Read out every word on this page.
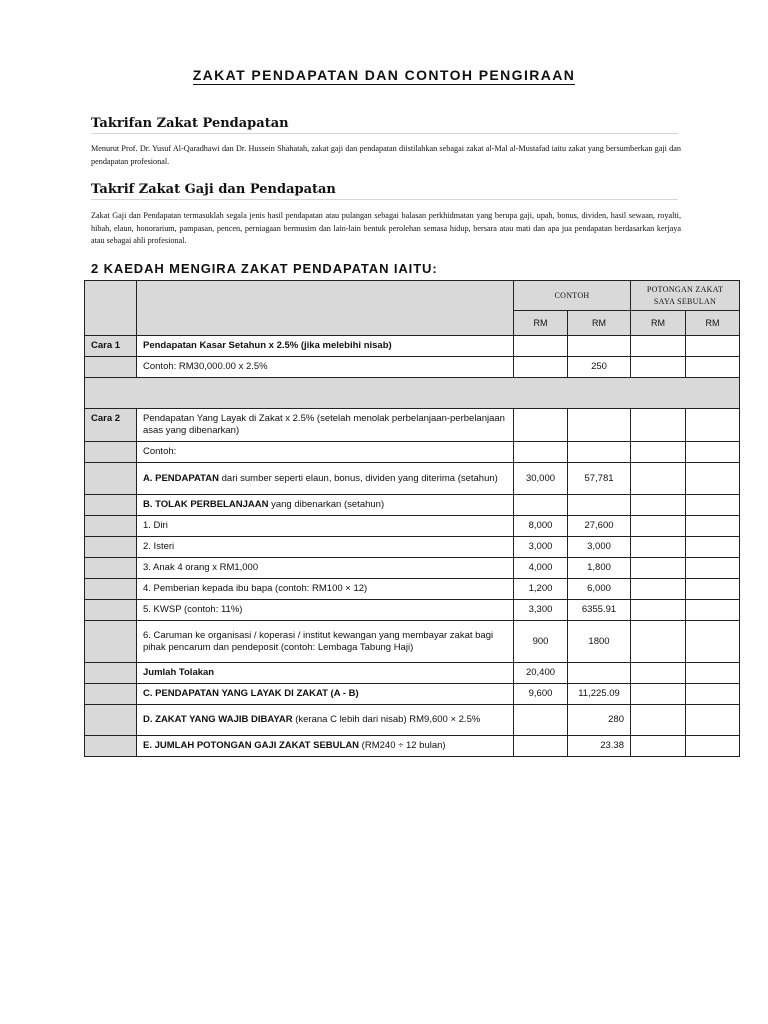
ZAKAT PENDAPATAN DAN CONTOH PENGIRAAN
Takrifan Zakat Pendapatan
Menurut Prof. Dr. Yusuf Al-Qaradhawi dan Dr. Hussein Shahatah, zakat gaji dan pendapatan diistilahkan sebagai zakat al-Mal al-Mustafad iaitu zakat yang bersumberkan gaji dan pendapatan profesional.
Takrif Zakat Gaji dan Pendapatan
Zakat Gaji dan Pendapatan termasuklah segala jenis hasil pendapatan atau pulangan sebagai balasan perkhidmatan yang berupa gaji, upah, bonus, dividen, hasil sewaan, royalti, hibah, elaun, honorarium, pampasan, pencen, perniagaan bermusim dan lain-lain bentuk perolehan semasa hidup, bersara atau mati dan apa jua pendapatan berdasarkan kerjaya atau sebagai ahli profesional.
2 KAEDAH MENGIRA ZAKAT PENDAPATAN IAITU:
		CONTOH		POTONGAN ZAKAT SAYA SEBULAN	
		RM	RM	RM	RM
Cara 1	Pendapatan Kasar Setahun x 2.5% (jika melebihi nisab)				
	Contoh: RM30,000.00 x 2.5%		250		

Cara 2	Pendapatan Yang Layak di Zakat x 2.5% (setelah menolak perbelanjaan-perbelanjaan asas yang dibenarkan)				
	Contoh:				
	A. PENDAPATAN dari sumber seperti elaun, bonus, dividen yang diterima (setahun)	30,000	57,781		
	B. TOLAK PERBELANJAAN yang dibenarkan (setahun)				
	1. Diri	8,000	27,600		
	2. Isteri	3,000	3,000		
	3. Anak 4 orang x RM1,000	4,000	1,800		
	4. Pemberian kepada ibu bapa (contoh: RM100 × 12)	1,200	6,000		
	5. KWSP (contoh: 11%)	3,300	6355.91		
	6. Caruman ke organisasi / koperasi / institut kewangan yang membayar zakat bagi pihak pencarum dan pendeposit (contoh: Lembaga Tabung Haji)	900	1800		
	Jumlah Tolakan	20,400			
	C. PENDAPATAN YANG LAYAK DI ZAKAT (A - B)	9,600	11,225.09		
	D. ZAKAT YANG WAJIB DIBAYAR (kerana C lebih dari nisab) RM9,600 × 2.5%		280		
	E. JUMLAH POTONGAN GAJI ZAKAT SEBULAN (RM240 ÷ 12 bulan)		23.38		
